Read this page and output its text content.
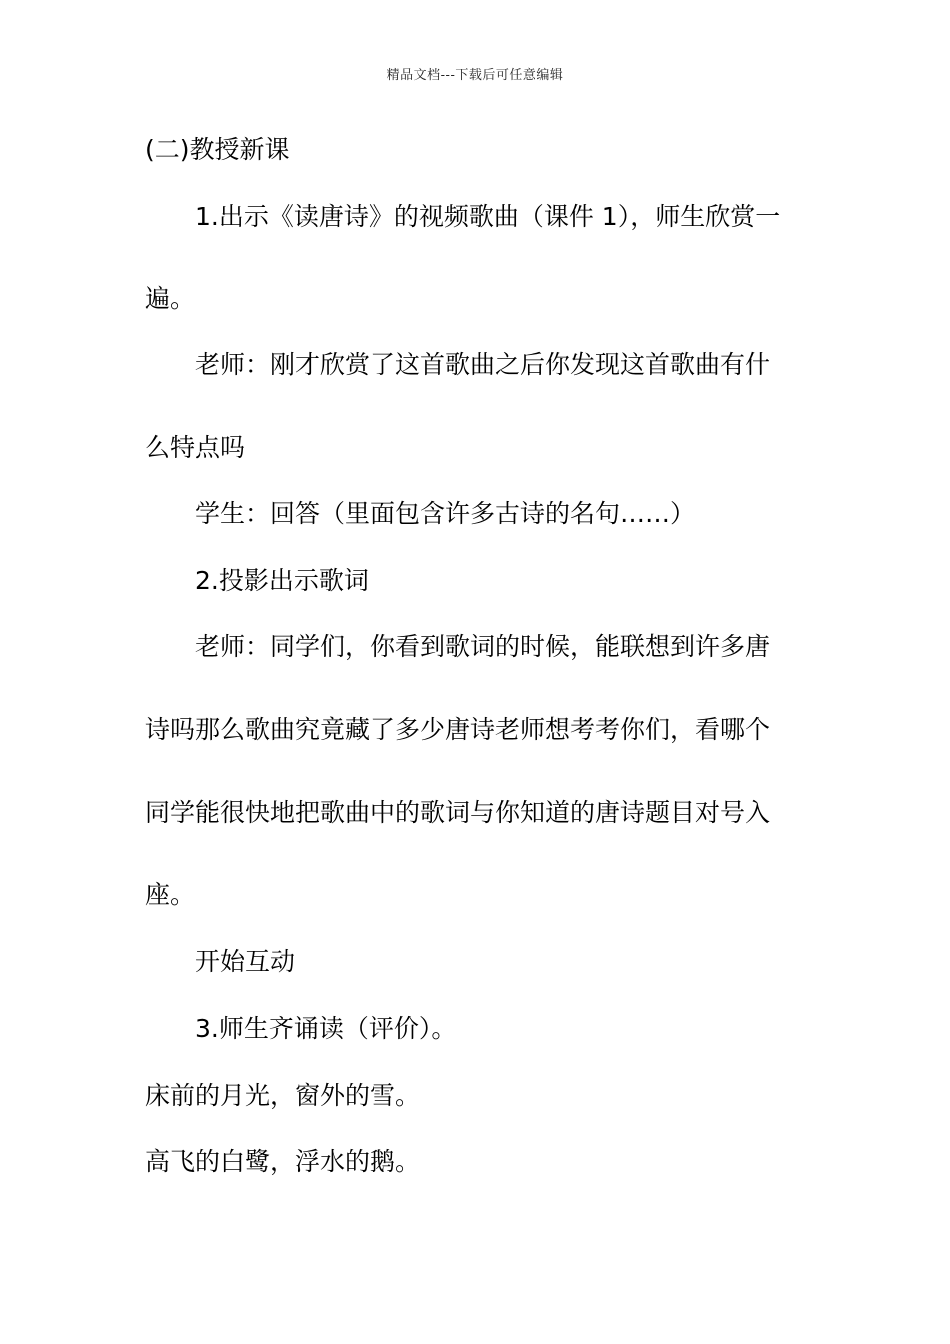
精品文档---下载后可任意编辑
(二)教授新课
1.出示《读唐诗》的视频歌曲（课件 1），师生欣赏一
遍。
老师：刚才欣赏了这首歌曲之后你发现这首歌曲有什
么特点吗
学生：回答（里面包含许多古诗的名句……）
2.投影出示歌词
老师：同学们，你看到歌词的时候，能联想到许多唐
诗吗那么歌曲究竟藏了多少唐诗老师想考考你们，看哪个
同学能很快地把歌曲中的歌词与你知道的唐诗题目对号入
座。
开始互动
3.师生齐诵读（评价）。
床前的月光，窗外的雪。
高飞的白鹭，浮水的鹅。
